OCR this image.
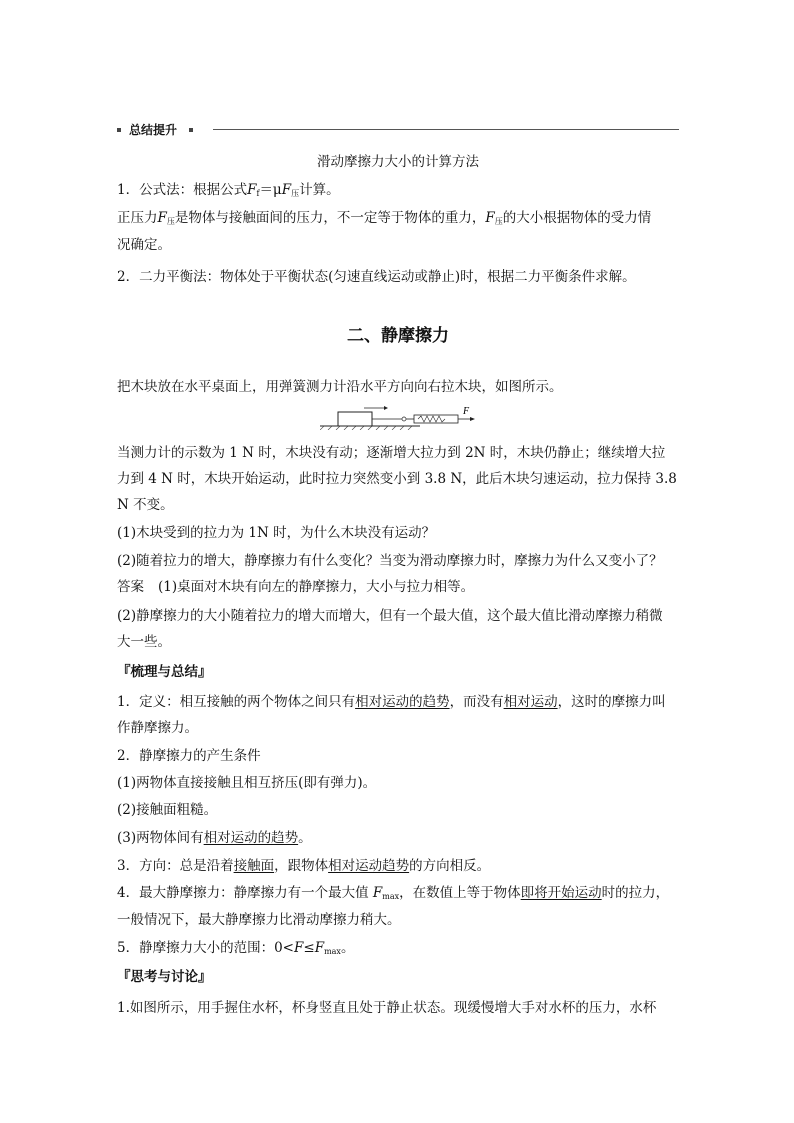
总结提升
滑动摩擦力大小的计算方法
1．公式法：根据公式$F_f=\mu F_压$计算。
正压力$F_压$是物体与接触面间的压力，不一定等于物体的重力，$F_压$的大小根据物体的受力情
况确定。
2．二力平衡法：物体处于平衡状态(匀速直线运动或静止)时，根据二力平衡条件求解。
二、静摩擦力
把木块放在水平桌面上，用弹簧测力计沿水平方向向右拉木块，如图所示。
F
当测力计的示数为 1 N 时，木块没有动；逐渐增大拉力到 2N 时，木块仍静止；继续增大拉
力到 4 N 时，木块开始运动，此时拉力突然变小到 3.8 N，此后木块匀速运动，拉力保持 3.8
N 不变。
(1)木块受到的拉力为 1N 时，为什么木块没有运动？
(2)随着拉力的增大，静摩擦力有什么变化？当变为滑动摩擦力时，摩擦力为什么又变小了？
答案 (1)桌面对木块有向左的静摩擦力，大小与拉力相等。
(2)静摩擦力的大小随着拉力的增大而增大，但有一个最大值，这个最大值比滑动摩擦力稍微
大一些。
『梳理与总结』
1．定义：相互接触的两个物体之间只有相对运动的趋势，而没有相对运动，这时的摩擦力叫
作静摩擦力。
2．静摩擦力的产生条件
(1)两物体直接接触且相互挤压(即有弹力)。
(2)接触面粗糙。
(3)两物体间有相对运动的趋势。
3．方向：总是沿着接触面，跟物体相对运动趋势的方向相反。
4．最大静摩擦力：静摩擦力有一个最大值 $F_{max}$，在数值上等于物体即将开始运动时的拉力，
一般情况下，最大静摩擦力比滑动摩擦力稍大。
5．静摩擦力大小的范围：$0<F\le F_{max}$。
『思考与讨论』
1.如图所示，用手握住水杯，杯身竖直且处于静止状态。现缓慢增大手对水杯的压力，水杯
